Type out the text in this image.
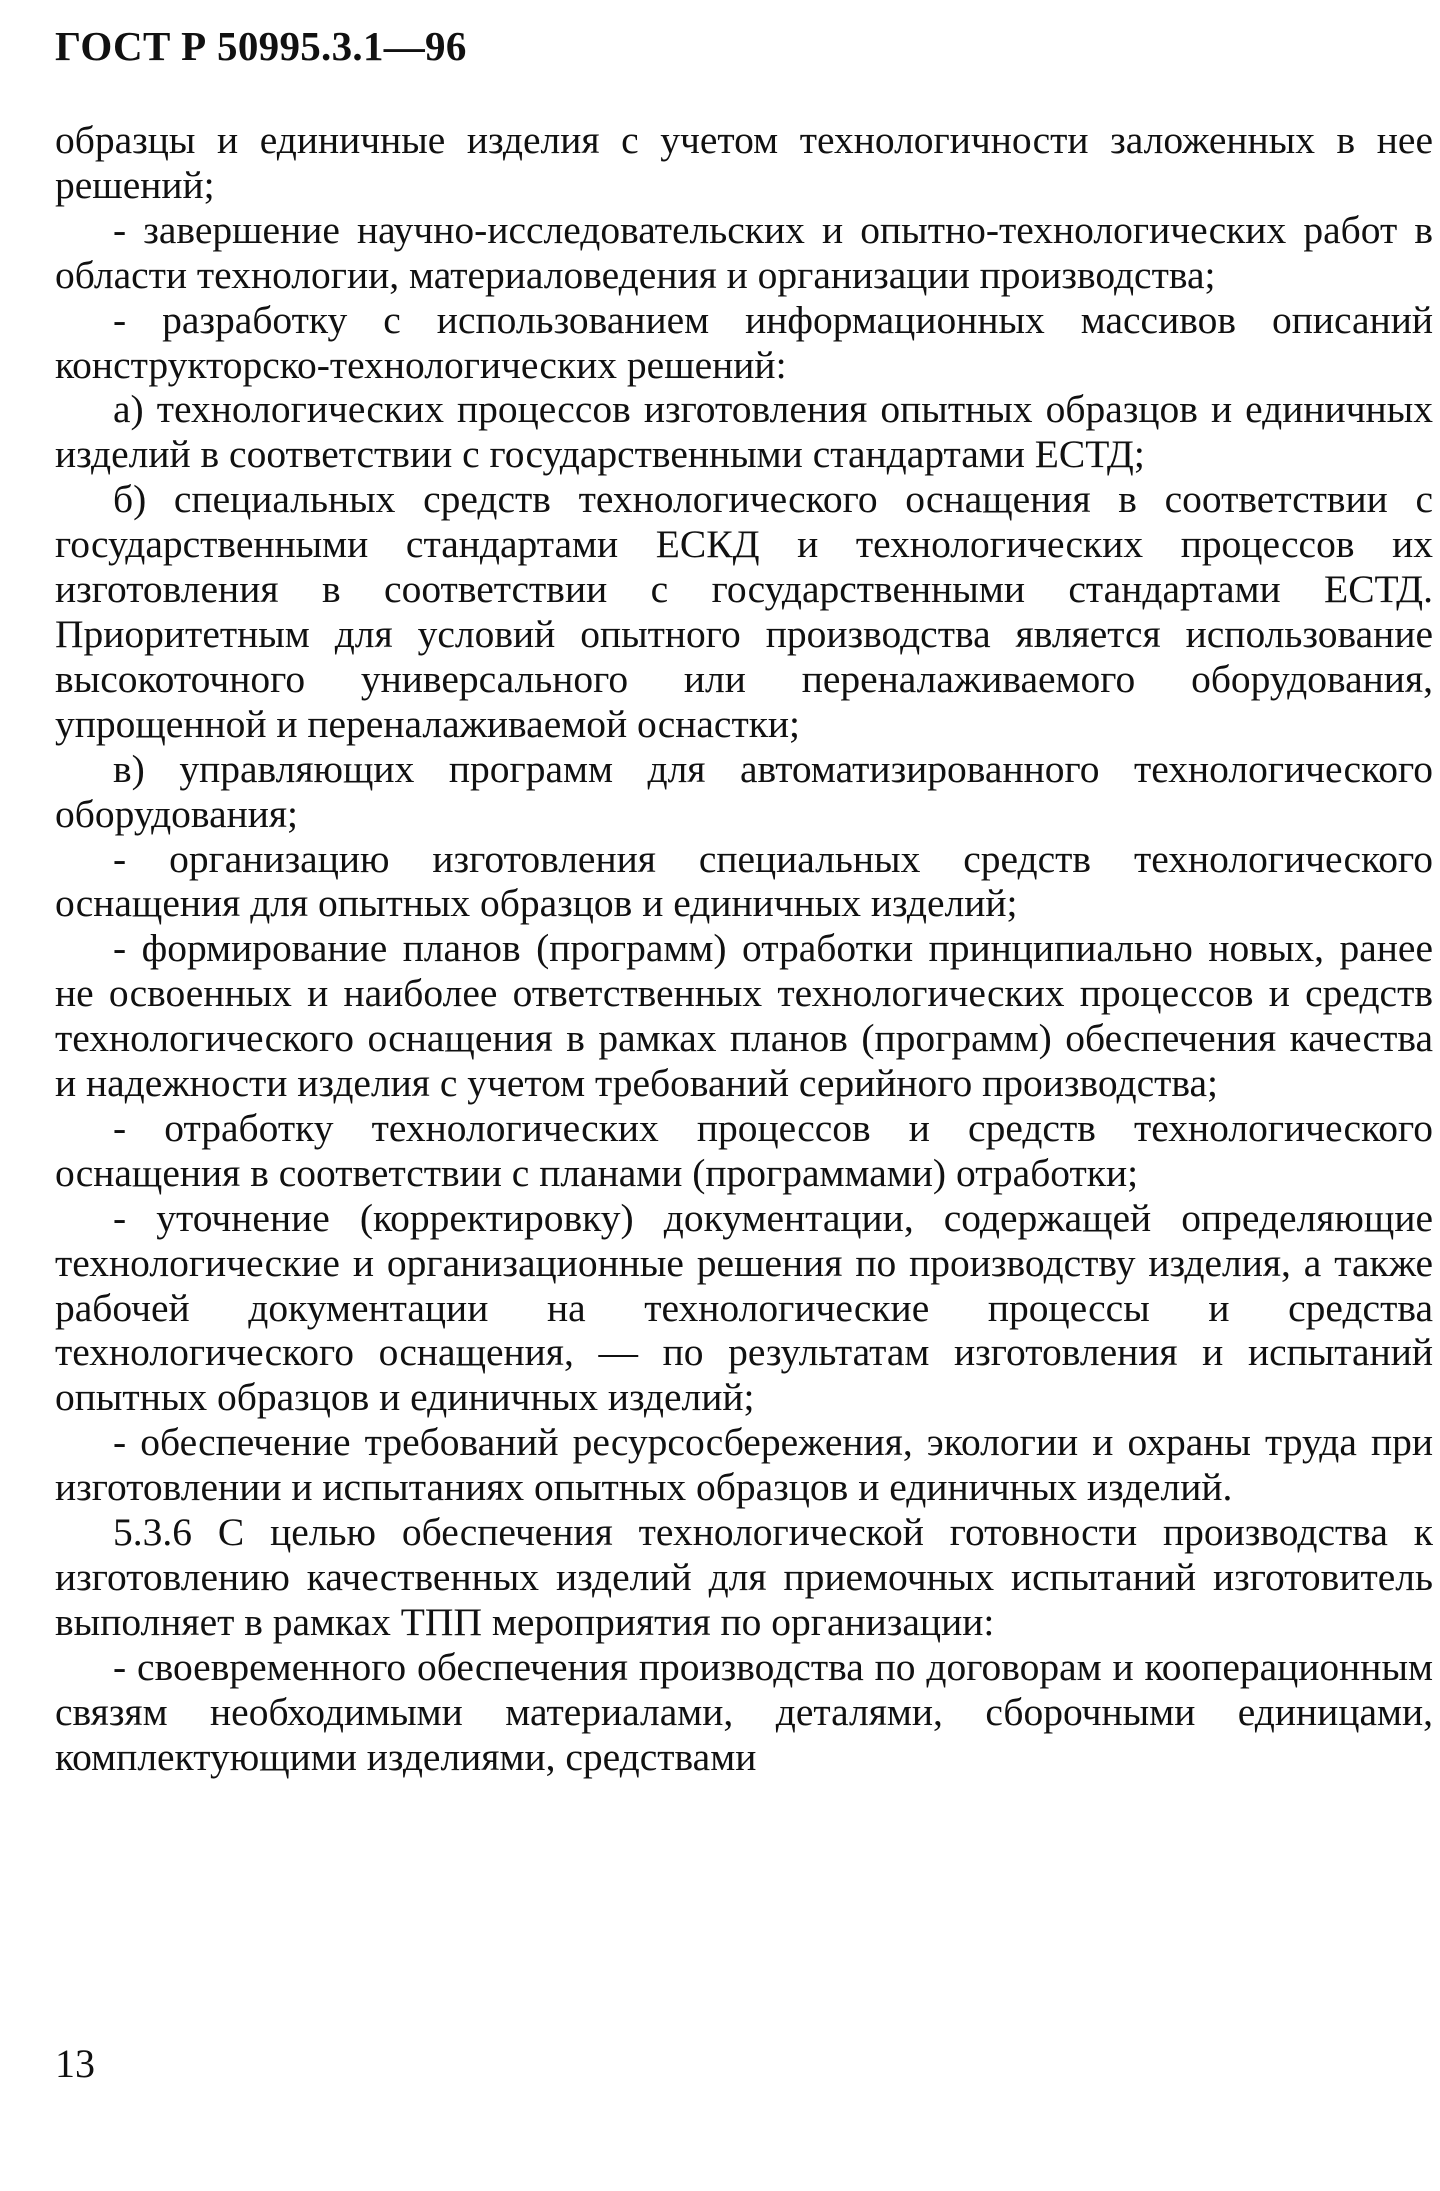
ГОСТ Р 50995.3.1—96

образцы и единичные изделия с учетом технологичности заложенных в нее решений;

- завершение научно-исследовательских и опытно-технологических работ в области технологии, материаловедения и организации производства;

- разработку с использованием информационных массивов описаний конструкторско-технологических решений:

а) технологических процессов изготовления опытных образцов и единичных изделий в соответствии с государственными стандартами ЕСТД;

б) специальных средств технологического оснащения в соответствии с государственными стандартами ЕСКД и технологических процессов их изготовления в соответствии с государственными стандартами ЕСТД. Приоритетным для условий опытного производства является использование высокоточного универсального или переналаживаемого оборудования, упрощенной и переналаживаемой оснастки;

в) управляющих программ для автоматизированного технологического оборудования;

- организацию изготовления специальных средств технологического оснащения для опытных образцов и единичных изделий;

- формирование планов (программ) отработки принципиально новых, ранее не освоенных и наиболее ответственных технологических процессов и средств технологического оснащения в рамках планов (программ) обеспечения качества и надежности изделия с учетом требований серийного производства;

- отработку технологических процессов и средств технологического оснащения в соответствии с планами (программами) отработки;

- уточнение (корректировку) документации, содержащей определяющие технологические и организационные решения по производству изделия, а также рабочей документации на технологические процессы и средства технологического оснащения, — по результатам изготовления и испытаний опытных образцов и единичных изделий;

- обеспечение требований ресурсосбережения, экологии и охраны труда при изготовлении и испытаниях опытных образцов и единичных изделий.

5.3.6 С целью обеспечения технологической готовности производства к изготовлению качественных изделий для приемочных испытаний изготовитель выполняет в рамках ТПП мероприятия по организации:

- своевременного обеспечения производства по договорам и кооперационным связям необходимыми материалами, деталями, сборочными единицами, комплектующими изделиями, средствами

13
